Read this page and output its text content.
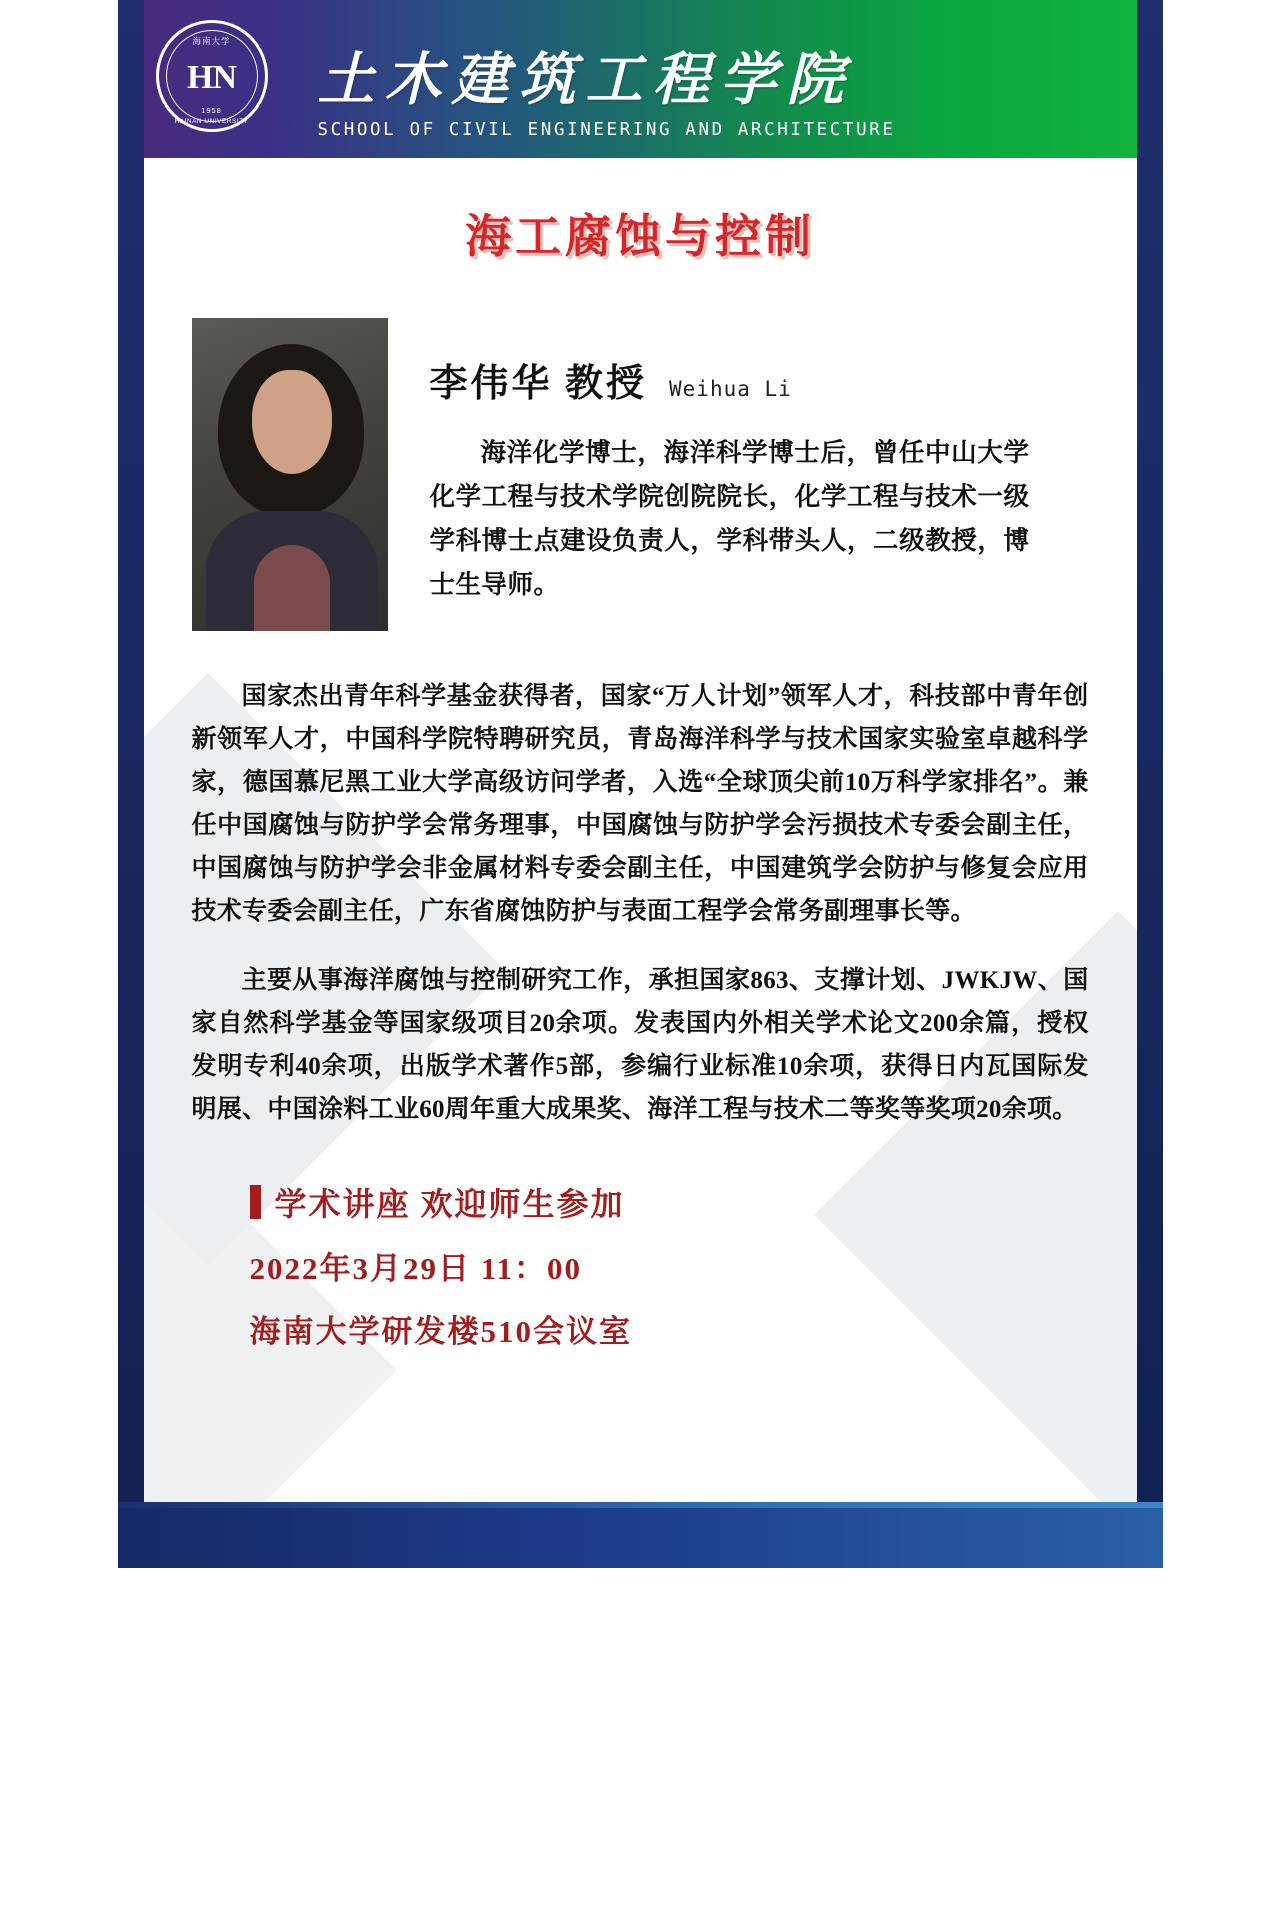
海南大学
HN
1958
HAINAN UNIVERSITY
土木建筑工程学院
SCHOOL OF CIVIL ENGINEERING AND ARCHITECTURE
海工腐蚀与控制
李伟华 教授 Weihua Li
海洋化学博士，海洋科学博士后，曾任中山大学化学工程与技术学院创院院长，化学工程与技术一级学科博士点建设负责人，学科带头人，二级教授，博士生导师。
国家杰出青年科学基金获得者，国家“万人计划”领军人才，科技部中青年创新领军人才，中国科学院特聘研究员，青岛海洋科学与技术国家实验室卓越科学家，德国慕尼黑工业大学高级访问学者，入选“全球顶尖前10万科学家排名”。兼任中国腐蚀与防护学会常务理事，中国腐蚀与防护学会污损技术专委会副主任，中国腐蚀与防护学会非金属材料专委会副主任，中国建筑学会防护与修复会应用技术专委会副主任，广东省腐蚀防护与表面工程学会常务副理事长等。
主要从事海洋腐蚀与控制研究工作，承担国家863、支撑计划、JWKJW、国家自然科学基金等国家级项目20余项。发表国内外相关学术论文200余篇，授权发明专利40余项，出版学术著作5部，参编行业标准10余项，获得日内瓦国际发明展、中国涂料工业60周年重大成果奖、海洋工程与技术二等奖等奖项20余项。
学术讲座 欢迎师生参加
2022年3月29日 11：00
海南大学研发楼510会议室
